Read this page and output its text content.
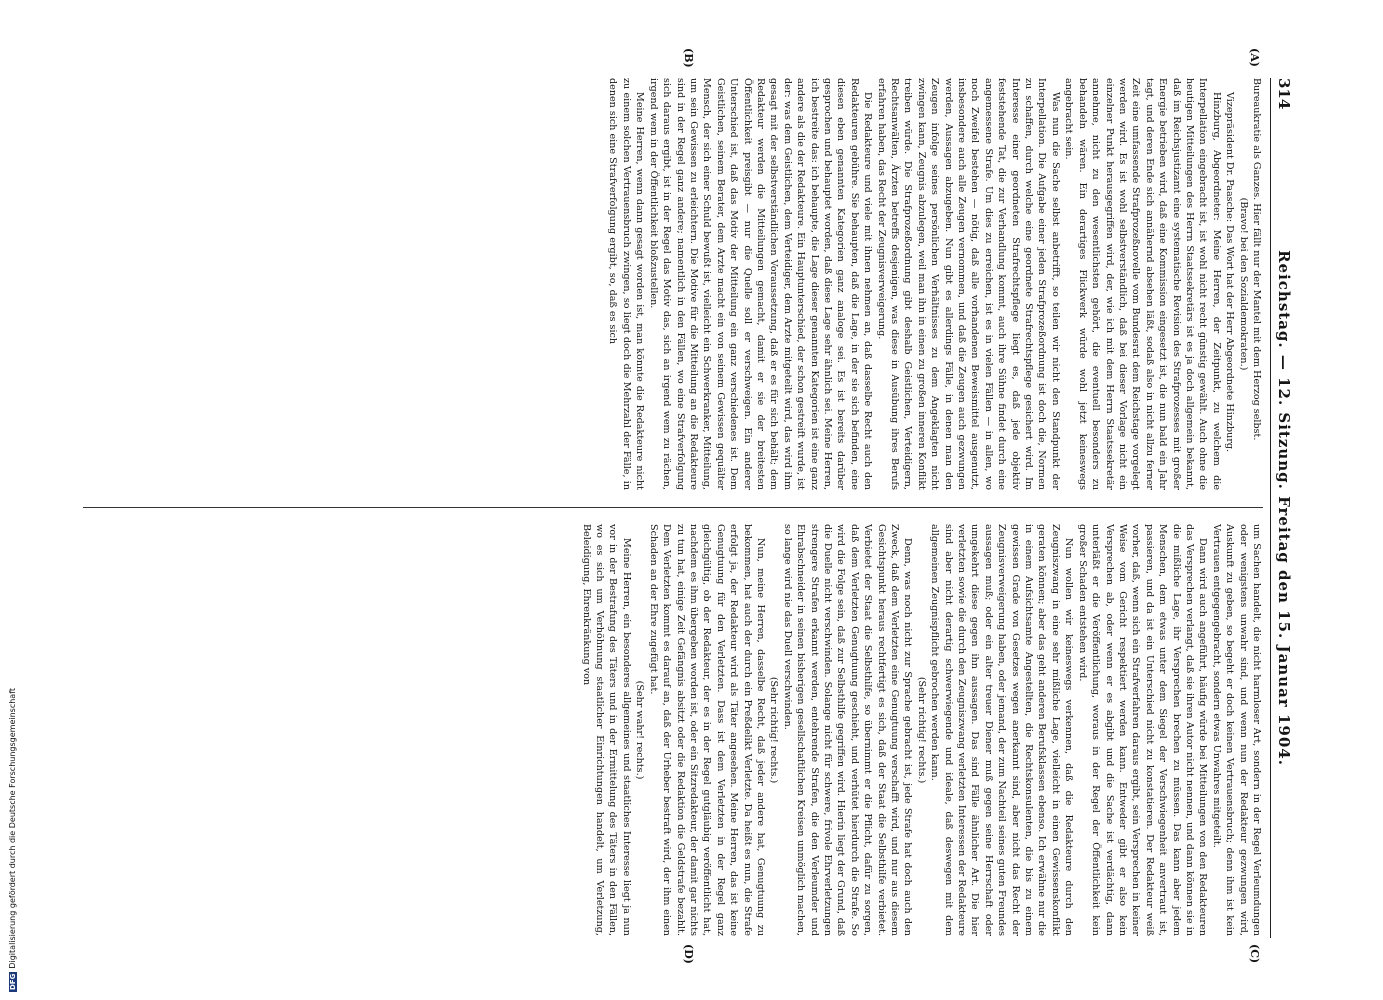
314
Reichstag. — 12. Sitzung. Freitag den 15. Januar 1904.
(A)
(B)
(C)
(D)

Bureaukratie als Ganzes. Hier fällt nur der Mantel mit dem Herzog selbst.

(Bravo! bei den Sozialdemokraten.)

Vizepräsident Dr. Paasche: Das Wort hat der Herr Abgeordnete Hinzburg.

Hinzburg, Abgeordneter: Meine Herren, der Zeitpunkt, zu welchem die Interpellation eingebracht ist, ist wohl nicht recht günstig gewählt. Auch ohne die heutigen Mitteilungen des Herrn Staatssekretärs ist es ja doch allgemein bekannt, daß im Reichsjustizamt eine systematische Revision des Strafprozesses mit großer Energie betrieben wird, daß eine Kommission eingesetzt ist, die nun bald ein Jahr tagt, und deren Ende sich annähernd absehen läßt, sodaß also in nicht allzu ferner Zeit eine umfassende Strafprozeßnovelle vom Bundesrat dem Reichstage vorgelegt werden wird. Es ist wohl selbstverständlich, daß bei dieser Vorlage nicht ein einzelner Punkt herausgegriffen wird, der, wie ich mit dem Herrn Staatssekretär annehme, nicht zu den wesentlichsten gehört, die eventuell besonders zu behandeln wären. Ein derartiges Flickwerk würde wohl jetzt keineswegs angebracht sein.

Was nun die Sache selbst anbetrifft, so teilen wir nicht den Standpunkt der Interpellation. Die Aufgabe einer jeden Strafprozeßordnung ist doch die, Normen zu schaffen, durch welche eine geordnete Strafrechtspflege gesichert wird. Im Interesse einer geordneten Strafrechtspflege liegt es, daß jede objektiv feststehende Tat, die zur Verhandlung kommt, auch ihre Sühne findet durch eine angemessene Strafe. Um dies zu erreichen, ist es in vielen Fällen — in allen, wo noch Zweifel bestehen — nötig, daß alle vorhandenen Beweismittel ausgenutzt, insbesondere auch alle Zeugen vernommen, und daß die Zeugen auch gezwungen werden, Aussagen abzugeben. Nun gibt es allerdings Fälle, in denen man den Zeugen infolge seines persönlichen Verhältnisses zu dem Angeklagten nicht zwingen kann, Zeugnis abzulegen, weil man ihn in einen zu großen inneren Konflikt treiben würde. Die Strafprozeßordnung gibt deshalb Geistlichen, Verteidigern, Rechtsanwälten, Ärzten betreffs desjenigen, was diese in Ausübung ihres Berufs erfahren haben, das Recht der Zeugnisverweigerung.

Die Redakteure und viele mit ihnen nehmen an, daß dasselbe Recht auch den Redakteuren gebühre. Sie behaupten, daß die Lage, in der sie sich befinden, eine diesen eben genannten Kategorien ganz analoge sei. Es ist bereits darüber gesprochen und behauptet worden, daß diese Lage sehr ähnlich sei. Meine Herren, ich bestreite das: ich behaupte, die Lage dieser genannten Kategorien ist eine ganz andere als die der Redakteure. Ein Hauptunterschied, der schon gestreift wurde, ist der: was dem Geistlichen, dem Verteidiger, dem Arzte mitgeteilt wird, das wird ihm gesagt mit der selbstverständlichen Voraussetzung, daß er es für sich behält; dem Redakteur werden die Mitteilungen gemacht, damit er sie der breitesten Öffentlichkeit preisgibt — nur die Quelle soll er verschweigen. Ein anderer Unterschied ist, daß das Motiv der Mitteilung ein ganz verschiedenes ist. Dem Geistlichen, seinem Berater, dem Arzte macht ein von seinem Gewissen gequälter Mensch, der sich einer Schuld bewußt ist, vielleicht ein Schwerkranker, Mitteilung, um sein Gewissen zu erleichtern. Die Motive für die Mitteilung an die Redakteure sind in der Regel ganz andere; namentlich in den Fällen, wo eine Strafverfolgung sich daraus ergibt, ist in der Regel das Motiv das, sich an irgend wem zu rächen, irgend wem in der Öffentlichkeit bloßzustellen.

Meine Herren, wenn dann gesagt worden ist, man könnte die Redakteure nicht zu einem solchen Vertrauensbruch zwingen, so liegt doch die Mehrzahl der Fälle, in denen sich eine Strafverfolgung ergibt, so, daß es sich

um Sachen handelt, die nicht harmloser Art, sondern in der Regel Verleumdungen oder wenigstens unwahr sind, und wenn nun der Redakteur gezwungen wird, Auskunft zu geben, so begeht er doch keinen Vertrauensbruch; denn ihm ist kein Vertrauen entgegengebracht, sondern etwas Unwahres mitgeteilt.

Dann wird auch angeführt, häufig würde bei Mitteilungen von den Redakteuren das Versprechen verlangt, daß sie ihren Autor nicht nennen, und dann können sie in die mißliche Lage, ihr Versprechen brechen zu müssen. Das kann aber jedem Menschen, dem etwas unter dem Siegel der Verschwiegenheit anvertraut ist, passieren, und da ist ein Unterschied nicht zu konstatieren. Der Redakteur weiß vorher, daß, wenn sich ein Strafverfahren daraus ergibt, sein Versprechen in keiner Weise vom Gericht respektiert werden kann. Entweder gibt er also kein Versprechen ab, oder wenn er es abgibt und die Sache ist verdächtig, dann unterläßt er die Veröffentlichung, woraus in der Regel der Öffentlichkeit kein großer Schaden entstehen wird.

Nun wollen wir keineswegs verkennen, daß die Redakteure durch den Zeugniszwang in eine sehr mißliche Lage, vielleicht in einen Gewissenskonflikt geraten können; aber das geht anderen Berufsklassen ebenso. Ich erwähne nur die in einem Aufsichtsamte Angestellten, die Rechtskonsulenten, die bis zu einem gewissen Grade von Gesetzes wegen anerkannt sind, aber nicht das Recht der Zeugnisverweigerung haben, oder jemand, der zum Nachteil seines guten Freundes aussagen muß; oder ein alter treuer Diener muß gegen seine Herrschaft oder umgekehrt diese gegen ihn aussagen. Das sind Fälle ähnlicher Art. Die hier verletzten sowie die durch den Zeugniszwang verletzten Interessen der Redakteure sind aber nicht derartig schwerwiegende und ideale, daß deswegen mit dem allgemeinen Zeugnispflicht gebrochen werden kann.

(Sehr richtig! rechts.)

Denn, was noch nicht zur Sprache gebracht ist, jede Strafe hat doch auch den Zweck, daß dem Verletzten eine Genugtuung verschafft wird, und nur aus diesem Gesichtspunkt heraus rechtfertigt es sich, daß der Staat die Selbsthilfe verbietet. Verbietet der Staat die Selbsthilfe, so übernimmt er die Pflicht, dafür zu sorgen, daß dem Verletzten Genugtuung geschieht, und verhütet hierdurch die Strafe. So wird die Folge sein, daß zur Selbsthilfe gegriffen wird. Hierin liegt der Grund, daß die Duelle nicht verschwinden. Solange nicht für schwere, frivole Ehrverletzungen strengere Strafen erkannt werden, entehrende Strafen, die den Verleumder und Ehrabschneider in seinen bisherigen gesellschaftlichen Kreisen unmöglich machen, so lange wird nie das Duell verschwinden.

(Sehr richtig! rechts.)

Nun, meine Herren, dasselbe Recht, daß jeder andere hat, Genugtuung zu bekommen, hat auch der durch ein Preßdelikt Verletzte. Da heißt es nun, die Strafe erfolgt ja, der Redakteur wird als Täter angesehen. Meine Herren, das ist keine Genugtuung für den Verletzten. Dass ist dem Verletzten in der Regel ganz gleichgültig, ob der Redakteur, der es in der Regel gutgläubig veröffentlicht hat, nachdem es ihm übergeben worden ist, oder ein Sitzredakteur, der damit gar nichts zu tun hat, einige Zeit Gefängnis absitzt oder die Redaktion die Geldstrafe bezahlt. Dem Verletzten kommt es darauf an, daß der Urheber bestraft wird, der ihm einen Schaden an der Ehre zugefügt hat.

(Sehr wahr! rechts.)

Meine Herren, ein besonderes allgemeines und staatliches Interesse liegt ja nun vor in der Bestrafung des Täters und in der Ermittelung des Täters in den Fällen, wo es sich um Verhöhnung staatlicher Einrichtungen handelt, um Verletzung, Beleidigung, Ehrenkränkung von

DFGDigitalisierung gefördert durch die Deutsche Forschungsgemeinschaft
